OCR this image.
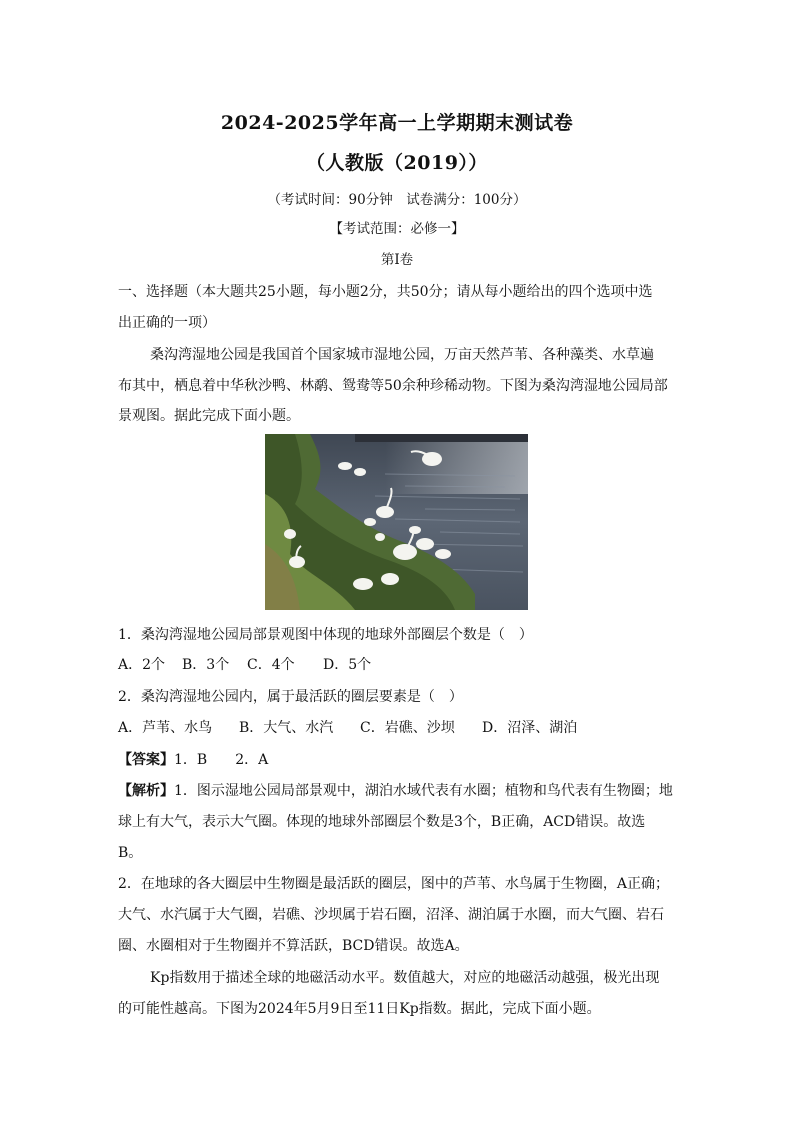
2024-2025学年高一上学期期末测试卷
（人教版（2019））
（考试时间：90分钟　试卷满分：100分）
【考试范围：必修一】
第I卷
一、选择题（本大题共25小题，每小题2分，共50分；请从每小题给出的四个选项中选
出正确的一项）
桑沟湾湿地公园是我国首个国家城市湿地公园，万亩天然芦苇、各种藻类、水草遍
布其中，栖息着中华秋沙鸭、林鹬、鸳鸯等50余种珍稀动物。下图为桑沟湾湿地公园局部
景观图。据此完成下面小题。
1．桑沟湾湿地公园局部景观图中体现的地球外部圈层个数是（　）
A．2个 B．3个 C．4个 D．5个
2．桑沟湾湿地公园内，属于最活跃的圈层要素是（　）
A．芦苇、水鸟 B．大气、水汽 C．岩礁、沙坝 D．沼泽、湖泊
【答案】1．B　　2．A
【解析】1．图示湿地公园局部景观中，湖泊水域代表有水圈；植物和鸟代表有生物圈；地
球上有大气，表示大气圈。体现的地球外部圈层个数是3个，B正确，ACD错误。故选
B。
2．在地球的各大圈层中生物圈是最活跃的圈层，图中的芦苇、水鸟属于生物圈，A正确；
大气、水汽属于大气圈，岩礁、沙坝属于岩石圈，沼泽、湖泊属于水圈，而大气圈、岩石
圈、水圈相对于生物圈并不算活跃，BCD错误。故选A。
Kp指数用于描述全球的地磁活动水平。数值越大，对应的地磁活动越强，极光出现
的可能性越高。下图为2024年5月9日至11日Kp指数。据此，完成下面小题。
